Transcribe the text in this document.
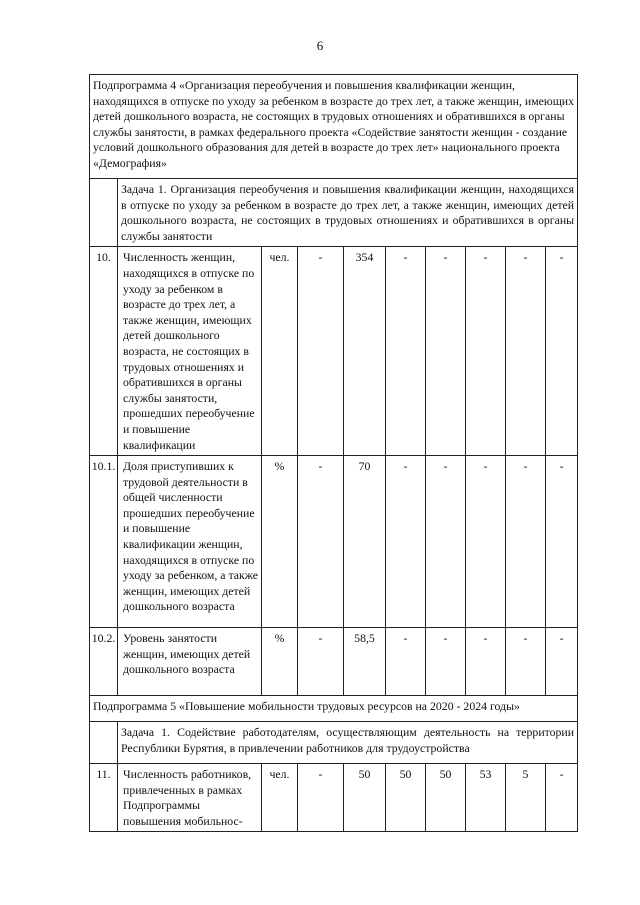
6
Подпрограмма 4 «Организация переобучения и повышения квалификации женщин, находящихся в отпуске по уходу за ребенком в возрасте до трех лет, а также женщин, имеющих детей дошкольного возраста, не состоящих в трудовых отношениях и обратившихся в органы службы занятости, в рамках федерального проекта «Содействие занятости женщин - создание условий дошкольного образования для детей в возрасте до трех лет» национального проекта «Демография»									
	Задача 1. Организация переобучения и повышения квалификации женщин, находящихся в отпуске по уходу за ребенком в возрасте до трех лет, а также женщин, имеющих детей дошкольного возраста, не состоящих в трудовых отношениях и обратившихся в органы службы занятости								
10.	Численность женщин, находящихся в отпуске по уходу за ребенком в возрасте до трех лет, а также женщин, имеющих детей дошкольного возраста, не состоящих в трудовых отношениях и обратившихся в органы службы занятости, прошедших переобучение и повышение квалификации	чел.	-	354	-	-	-	-	-
10.1.	Доля приступивших к трудовой деятельности в общей численности прошедших переобучение и повышение квалификации женщин, находящихся в отпуске по уходу за ребенком, а также женщин, имеющих детей дошкольного возраста	%	-	70	-	-	-	-	-
10.2.	Уровень занятости женщин, имеющих детей дошкольного возраста	%	-	58,5	-	-	-	-	-
Подпрограмма 5 «Повышение мобильности трудовых ресурсов на 2020 - 2024 годы»									
	Задача 1. Содействие работодателям, осуществляющим деятельность на территории Республики Бурятия, в привлечении работников для трудоустройства								
11.	Численность работников, привлеченных в рамках Подпрограммы повышения мобильнос-	чел.	-	50	50	50	53	5	-
